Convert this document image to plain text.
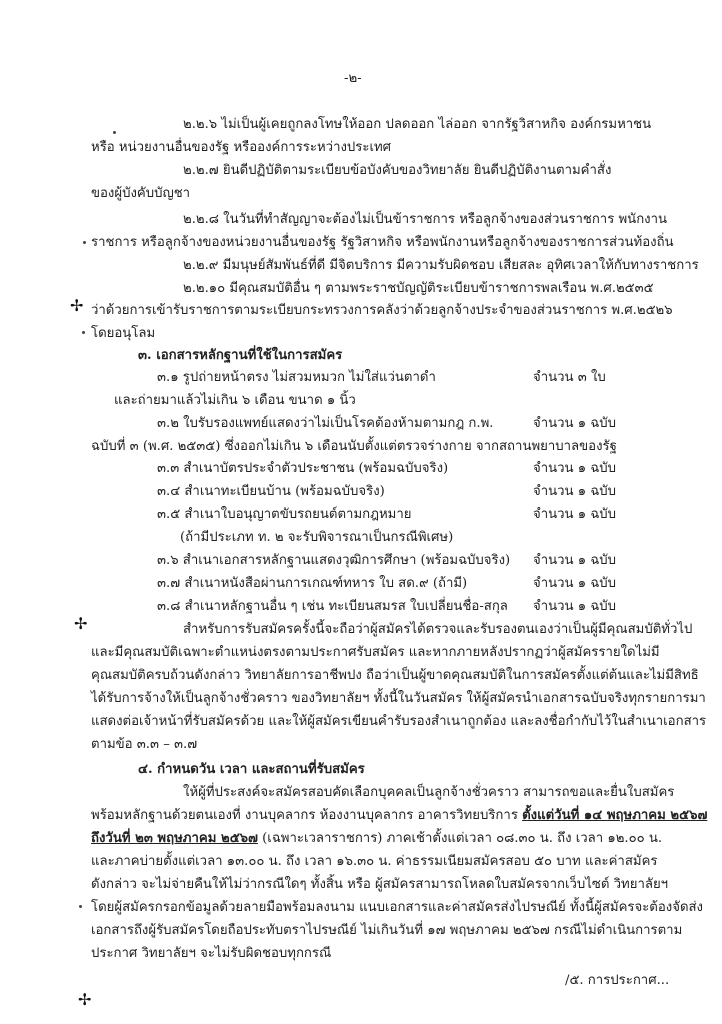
-๒-
๒.๒.๖ ไม่เป็นผู้เคยถูกลงโทษให้ออก ปลดออก ไล่ออก จากรัฐวิสาหกิจ องค์กรมหาชน
หรือ หน่วยงานอื่นของรัฐ หรือองค์การระหว่างประเทศ
๒.๒.๗ ยินดีปฏิบัติตามระเบียบข้อบังคับของวิทยาลัย ยินดีปฏิบัติงานตามคำสั่ง
ของผู้บังคับบัญชา
๒.๒.๘ ในวันที่ทำสัญญาจะต้องไม่เป็นข้าราชการ หรือลูกจ้างของส่วนราชการ พนักงาน
ราชการ หรือลูกจ้างของหน่วยงานอื่นของรัฐ รัฐวิสาหกิจ หรือพนักงานหรือลูกจ้างของราชการส่วนท้องถิ่น
๒.๒.๙ มีมนุษย์สัมพันธ์ที่ดี มีจิตบริการ มีความรับผิดชอบ เสียสละ อุทิศเวลาให้กับทางราชการ
๒.๒.๑๐ มีคุณสมบัติอื่น ๆ ตามพระราชบัญญัติระเบียบข้าราชการพลเรือน พ.ศ.๒๕๓๕
✢ ว่าด้วยการเข้ารับราชการตามระเบียบกระทรวงการคลังว่าด้วยลูกจ้างประจำของส่วนราชการ พ.ศ.๒๕๒๖
โดยอนุโลม
๓. เอกสารหลักฐานที่ใช้ในการสมัคร
๓.๑ รูปถ่ายหน้าตรง ไม่สวมหมวก ไม่ใส่แว่นตาดำ	จำนวน ๓ ใบ
และถ่ายมาแล้วไม่เกิน ๖ เดือน ขนาด ๑ นิ้ว
๓.๒ ใบรับรองแพทย์แสดงว่าไม่เป็นโรคต้องห้ามตามกฎ ก.พ.	จำนวน ๑ ฉบับ
ฉบับที่ ๓ (พ.ศ. ๒๕๓๕) ซึ่งออกไม่เกิน ๖ เดือนนับตั้งแต่ตรวจร่างกาย จากสถานพยาบาลของรัฐ
๓.๓ สำเนาบัตรประจำตัวประชาชน (พร้อมฉบับจริง)	จำนวน ๑ ฉบับ
๓.๔ สำเนาทะเบียนบ้าน (พร้อมฉบับจริง)	จำนวน ๑ ฉบับ
๓.๕ สำเนาใบอนุญาตขับรถยนต์ตามกฎหมาย	จำนวน ๑ ฉบับ
(ถ้ามีประเภท ท. ๒ จะรับพิจารณาเป็นกรณีพิเศษ)
๓.๖ สำเนาเอกสารหลักฐานแสดงวุฒิการศึกษา (พร้อมฉบับจริง) จำนวน ๑ ฉบับ
๓.๗ สำเนาหนังสือผ่านการเกณฑ์ทหาร ใบ สด.๙ (ถ้ามี)	จำนวน ๑ ฉบับ
๓.๘ สำเนาหลักฐานอื่น ๆ เช่น ทะเบียนสมรส ใบเปลี่ยนชื่อ-สกุล จำนวน ๑ ฉบับ
✢	สำหรับการรับสมัครครั้งนี้จะถือว่าผู้สมัครได้ตรวจและรับรองตนเองว่าเป็นผู้มีคุณสมบัติทั่วไป
และมีคุณสมบัติเฉพาะตำแหน่งตรงตามประกาศรับสมัคร และหากภายหลังปรากฏว่าผู้สมัครรายใดไม่มี
คุณสมบัติครบถ้วนดังกล่าว วิทยาลัยการอาชีพปง ถือว่าเป็นผู้ขาดคุณสมบัติในการสมัครตั้งแต่ต้นและไม่มีสิทธิ
ได้รับการจ้างให้เป็นลูกจ้างชั่วคราว ของวิทยาลัยฯ ทั้งนี้ในวันสมัคร ให้ผู้สมัครนำเอกสารฉบับจริงทุกรายการมา
แสดงต่อเจ้าหน้าที่รับสมัครด้วย และให้ผู้สมัครเขียนคำรับรองสำเนาถูกต้อง และลงชื่อกำกับไว้ในสำเนาเอกสาร
ตามข้อ ๓.๓ – ๓.๗
๔. กำหนดวัน เวลา และสถานที่รับสมัคร
ให้ผู้ที่ประสงค์จะสมัครสอบคัดเลือกบุคคลเป็นลูกจ้างชั่วคราว สามารถขอและยื่นใบสมัคร
พร้อมหลักฐานด้วยตนเองที่ งานบุคลากร ห้องงานบุคลากร อาคารวิทยบริการ ตั้งแต่วันที่ ๑๔ พฤษภาคม ๒๕๖๗
ถึงวันที่ ๒๓ พฤษภาคม ๒๕๖๗ (เฉพาะเวลาราชการ) ภาคเช้าตั้งแต่เวลา ๐๘.๓๐ น. ถึง เวลา ๑๒.๐๐ น.
และภาคบ่ายตั้งแต่เวลา ๑๓.๐๐ น. ถึง เวลา ๑๖.๓๐ น. ค่าธรรมเนียมสมัครสอบ ๕๐ บาท และค่าสมัคร
ดังกล่าว จะไม่จ่ายคืนให้ไม่ว่ากรณีใดๆ ทั้งสิ้น หรือ ผู้สมัครสามารถโหลดใบสมัครจากเว็บไซต์ วิทยาลัยฯ
โดยผู้สมัครกรอกข้อมูลด้วยลายมือพร้อมลงนาม แนบเอกสารและค่าสมัครส่งไปรษณีย์ ทั้งนี้ผู้สมัครจะต้องจัดส่ง
เอกสารถึงผู้รับสมัครโดยถือประทับตราไปรษณีย์ ไม่เกินวันที่ ๑๗ พฤษภาคม ๒๕๖๗ กรณีไม่ดำเนินการตาม
ประกาศ วิทยาลัยฯ จะไม่รับผิดชอบทุกกรณี
✢
/๕. การประกาศ...
